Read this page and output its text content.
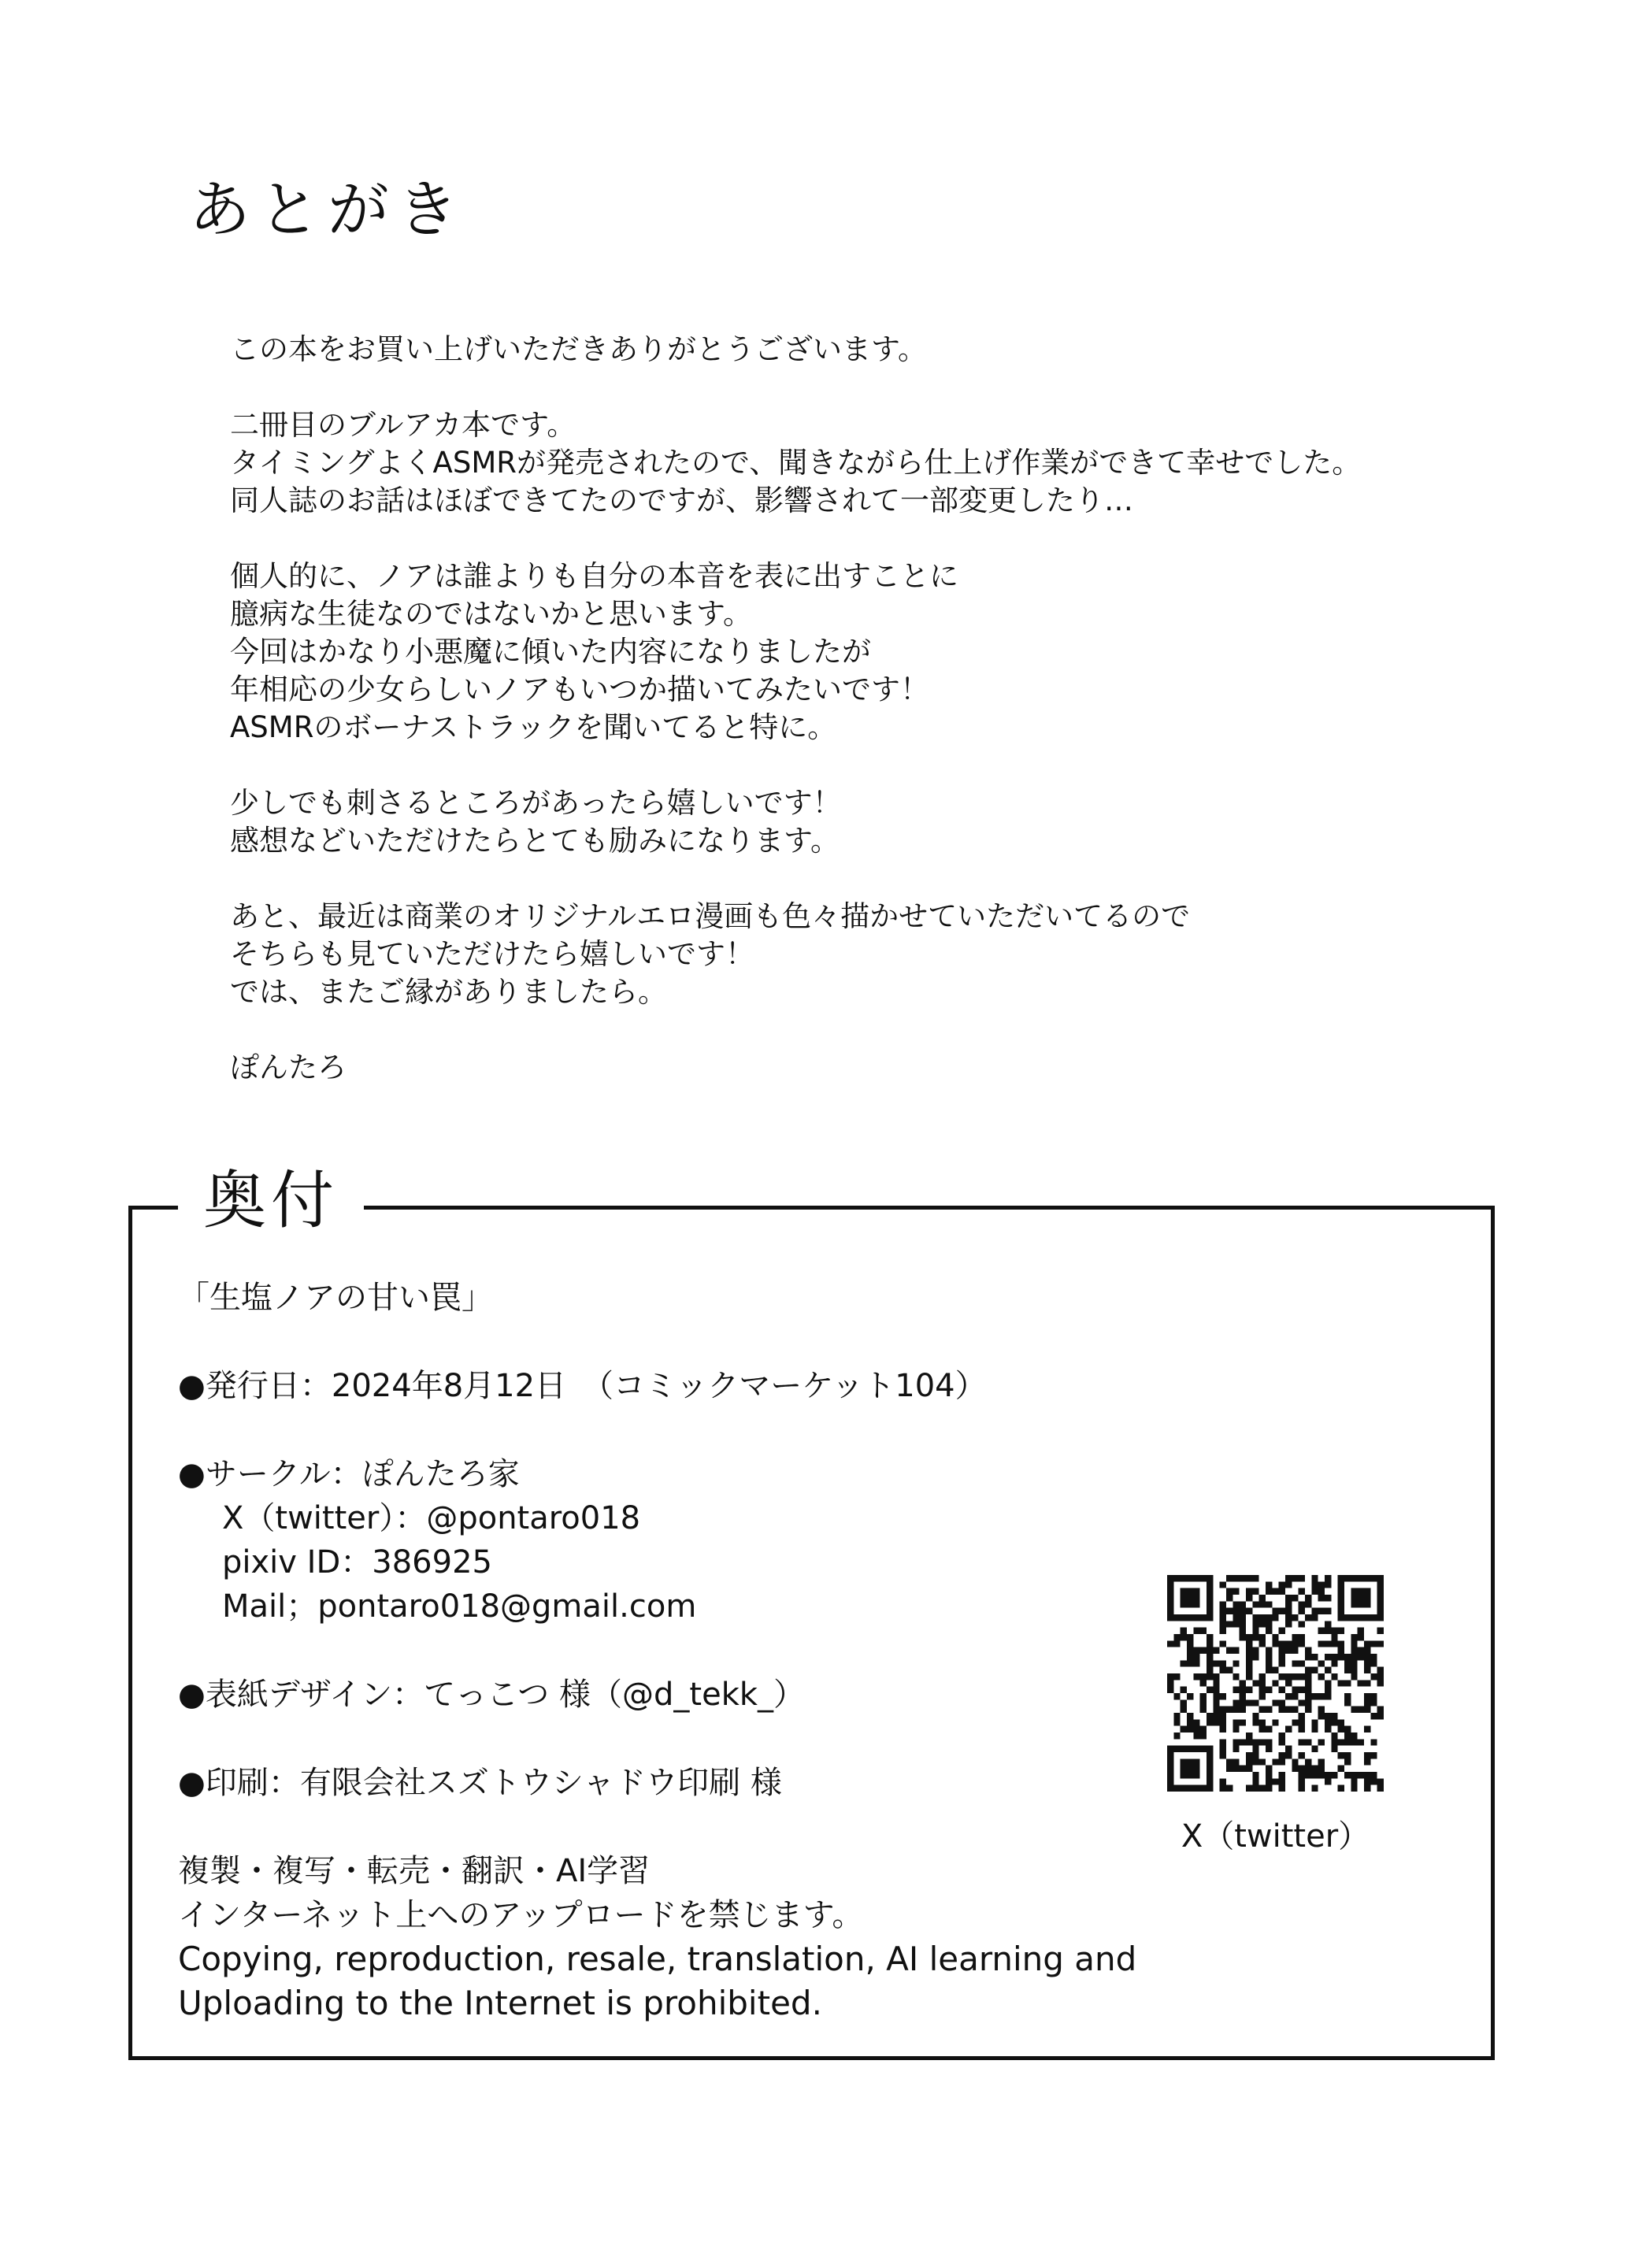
あとがき
この本をお買い上げいただきありがとうございます。
二冊目のブルアカ本です。
タイミングよくASMRが発売されたので、聞きながら仕上げ作業ができて幸せでした。
同人誌のお話はほぼできてたのですが、影響されて一部変更したり…
個人的に、ノアは誰よりも自分の本音を表に出すことに
臆病な生徒なのではないかと思います。
今回はかなり小悪魔に傾いた内容になりましたが
年相応の少女らしいノアもいつか描いてみたいです！
ASMRのボーナストラックを聞いてると特に。
少しでも刺さるところがあったら嬉しいです！
感想などいただけたらとても励みになります。
あと、最近は商業のオリジナルエロ漫画も色々描かせていただいてるので
そちらも見ていただけたら嬉しいです！
では、またご縁がありましたら。
ぽんたろ
奥付
「生塩ノアの甘い罠」
●発行日：2024年8月12日　（コミックマーケット104）
●サークル：ぽんたろ家
X（twitter）：@pontaro018
pixiv ID：386925
Mail；pontaro018@gmail.com
●表紙デザイン：てっこつ 様（@d_tekk_）
●印刷：有限会社スズトウシャドウ印刷 様
複製・複写・転売・翻訳・AI学習
インターネット上へのアップロードを禁じます。
Copying, reproduction, resale, translation, AI learning and
Uploading to the Internet is prohibited.
X（twitter）
